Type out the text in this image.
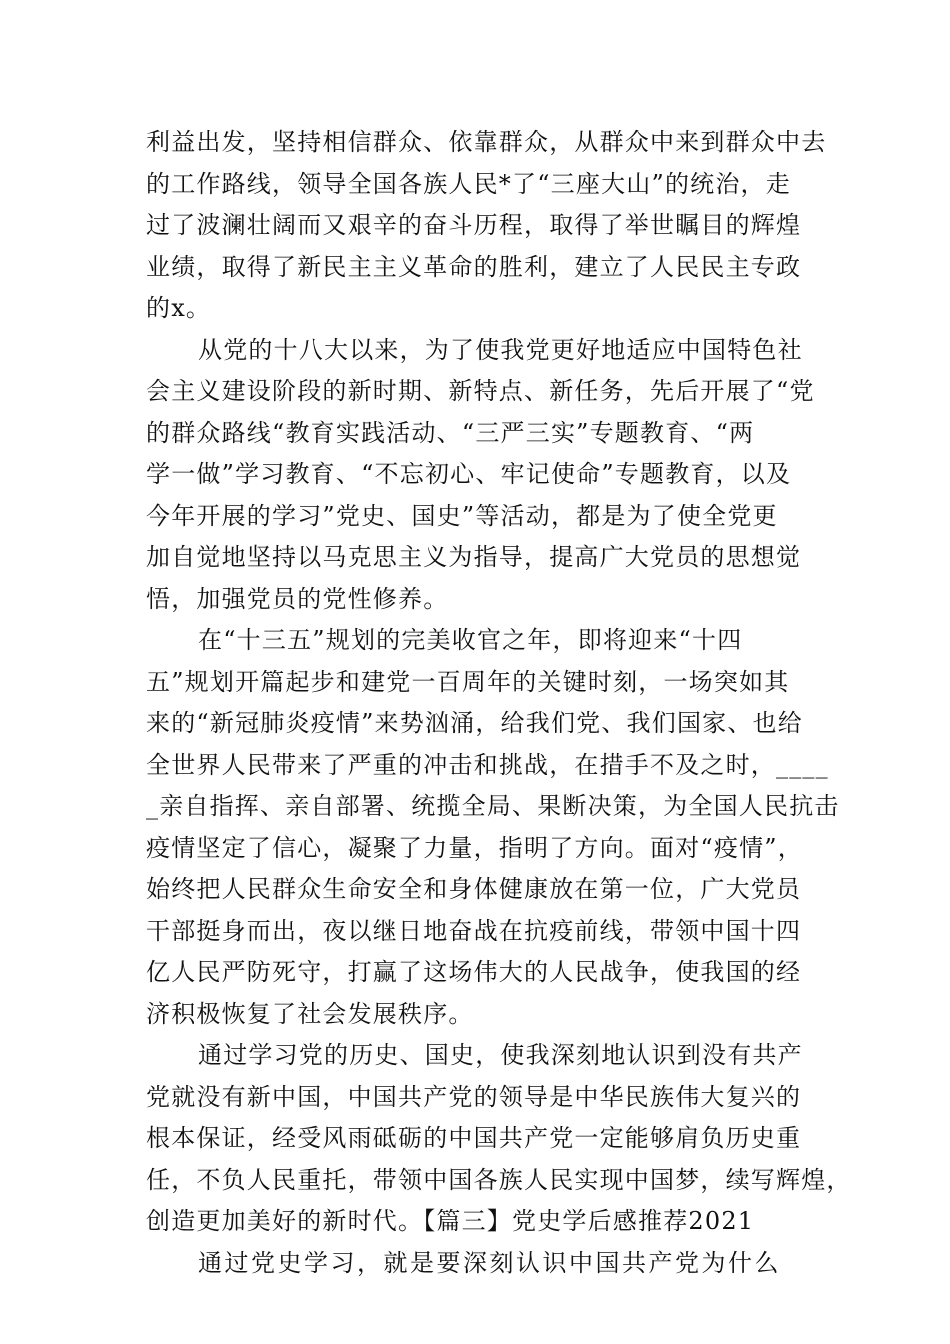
利益出发，坚持相信群众、依靠群众，从群众中来到群众中去
的工作路线，领导全国各族人民*了“三座大山”的统治，走
过了波澜壮阔而又艰辛的奋斗历程，取得了举世瞩目的辉煌
业绩，取得了新民主主义革命的胜利，建立了人民民主专政
的x。

从党的十八大以来，为了使我党更好地适应中国特色社
会主义建设阶段的新时期、新特点、新任务，先后开展了“党
的群众路线“教育实践活动、“三严三实”专题教育、“两
学一做”学习教育、“不忘初心、牢记使命”专题教育，以及
今年开展的学习”党史、国史”等活动，都是为了使全党更
加自觉地坚持以马克思主义为指导，提高广大党员的思想觉
悟，加强党员的党性修养。

在“十三五”规划的完美收官之年，即将迎来“十四
五”规划开篇起步和建党一百周年的关键时刻，一场突如其
来的“新冠肺炎疫情”来势汹涌，给我们党、我们国家、也给
全世界人民带来了严重的冲击和挑战，在措手不及之时，____
_亲自指挥、亲自部署、统揽全局、果断决策，为全国人民抗击
疫情坚定了信心，凝聚了力量，指明了方向。面对“疫情”，
始终把人民群众生命安全和身体健康放在第一位，广大党员
干部挺身而出，夜以继日地奋战在抗疫前线，带领中国十四
亿人民严防死守，打赢了这场伟大的人民战争，使我国的经
济积极恢复了社会发展秩序。

通过学习党的历史、国史，使我深刻地认识到没有共产
党就没有新中国，中国共产党的领导是中华民族伟大复兴的
根本保证，经受风雨砥砺的中国共产党一定能够肩负历史重
任，不负人民重托，带领中国各族人民实现中国梦，续写辉煌，
创造更加美好的新时代。【篇三】党史学后感推荐2021

通过党史学习，就是要深刻认识中国共产党为什么
